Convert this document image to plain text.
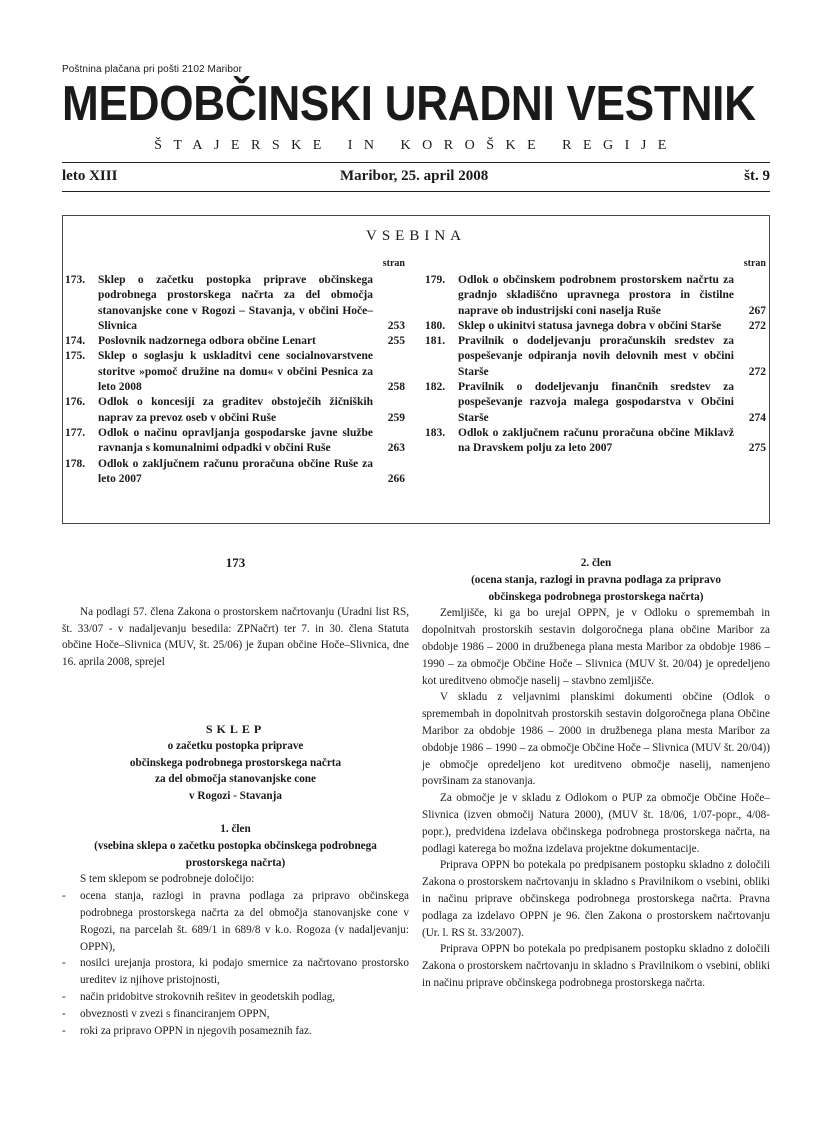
Poštnina plačana pri pošti 2102 Maribor
MEDOBČINSKI URADNI VESTNIK
ŠTAJERSKE IN KOROŠKE REGIJE
leto XIII	Maribor, 25. april 2008	št. 9
VSEBINA
stran
173.	Sklep o začetku postopka priprave občinskega podrobnega prostorskega načrta za del območja stanovanjske cone v Rogozi – Stavanja, v občini Hoče–Slivnica	253
174.	Poslovnik nadzornega odbora občine Lenart	255
175.	Sklep o soglasju k uskladitvi cene socialnovarstvene storitve »pomoč družine na domu« v občini Pesnica za leto 2008	258
176.	Odlok o koncesiji za graditev obstoječih žičniških naprav za prevoz oseb v občini Ruše	259
177.	Odlok o načinu opravljanja gospodarske javne službe ravnanja s komunalnimi odpadki v občini Ruše	263
178.	Odlok o zaključnem računu proračuna občine Ruše za leto 2007	266
stran
179.	Odlok o občinskem podrobnem prostorskem načrtu za gradnjo skladiščno upravnega prostora in čistilne naprave ob industrijski coni naselja Ruše	267
180.	Sklep o ukinitvi statusa javnega dobra v občini Starše	272
181.	Pravilnik o dodeljevanju proračunskih sredstev za pospeševanje odpiranja novih delovnih mest v občini Starše	272
182.	Pravilnik o dodeljevanju finančnih sredstev za pospeševanje razvoja malega gospodarstva v Občini Starše	274
183.	Odlok o zaključnem računu proračuna občine Miklavž na Dravskem polju za leto 2007	275
173
Na podlagi 57. člena Zakona o prostorskem načrtovanju (Uradni list RS, št. 33/07 - v nadaljevanju besedila: ZPNačrt) ter 7. in 30. člena Statuta občine Hoče–Slivnica (MUV, št. 25/06) je župan občine Hoče–Slivnica, dne 16. aprila 2008, sprejel
SKLEP
o začetku postopka priprave
občinskega podrobnega prostorskega načrta
za del območja stanovanjske cone
v Rogozi - Stavanja
1. člen
(vsebina sklepa o začetku postopka občinskega podrobnega prostorskega načrta)
S tem sklepom se podrobneje določijo:
-	ocena stanja, razlogi in pravna podlaga za pripravo občinskega podrobnega prostorskega načrta za del območja stanovanjske cone v Rogozi, na parcelah št. 689/1 in 689/8 v k.o. Rogoza (v nadaljevanju: OPPN),
-	nosilci urejanja prostora, ki podajo smernice za načrtovano prostorsko ureditev iz njihove pristojnosti,
-	način pridobitve strokovnih rešitev in geodetskih podlag,
-	obveznosti v zvezi s financiranjem OPPN,
-	roki za pripravo OPPN in njegovih posameznih faz.
2. člen
(ocena stanja, razlogi in pravna podlaga za pripravo občinskega podrobnega prostorskega načrta)
Zemljišče, ki ga bo urejal OPPN, je v Odloku o spremembah in dopolnitvah prostorskih sestavin dolgoročnega plana občine Maribor za obdobje 1986 – 2000 in družbenega plana mesta Maribor za obdobje 1986 – 1990 – za območje Občine Hoče – Slivnica (MUV št. 20/04) je opredeljeno kot ureditveno območje naselij – stavbno zemljišče.
V skladu z veljavnimi planskimi dokumenti občine (Odlok o spremembah in dopolnitvah prostorskih sestavin dolgoročnega plana Občine Maribor za obdobje 1986 – 2000 in družbenega plana mesta Maribor za obdobje 1986 – 1990 – za območje Občine Hoče – Slivnica (MUV št. 20/04)) je območje opredeljeno kot ureditveno območje naselij, namenjeno površinam za stanovanja.
Za območje je v skladu z Odlokom o PUP za območje Občine Hoče–Slivnica (izven območij Natura 2000), (MUV št. 18/06, 1/07-popr., 4/08-popr.), predvidena izdelava občinskega podrobnega prostorskega načrta, na podlagi katerega bo možna izdelava projektne dokumentacije.
Priprava OPPN bo potekala po predpisanem postopku skladno z določili Zakona o prostorskem načrtovanju in skladno s Pravilnikom o vsebini, obliki in načinu priprave občinskega podrobnega prostorskega načrta. Pravna podlaga za izdelavo OPPN je 96. člen Zakona o prostorskem načrtovanju (Ur. l. RS št. 33/2007).
Priprava OPPN bo potekala po predpisanem postopku skladno z določili Zakona o prostorskem načrtovanju in skladno s Pravilnikom o vsebini, obliki in načinu priprave občinskega podrobnega prostorskega načrta.
